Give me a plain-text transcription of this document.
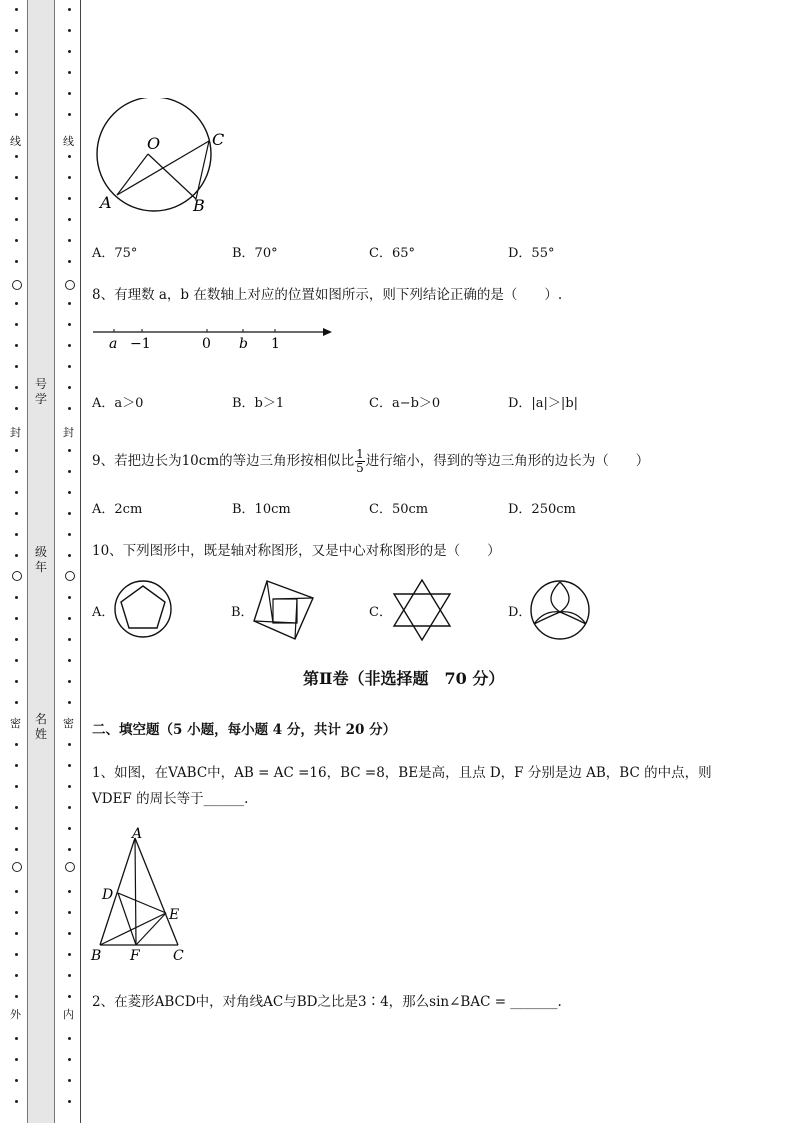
线
封
密
外
线
封
密
内
号学
级年
名姓
O	C
A	B
A．75°	B．70°	C．65°	D．55°
8、有理数 a，b 在数轴上对应的位置如图所示，则下列结论正确的是（　　）.
a −1	0 b 1
A．a＞0	B．b＞1	C．a−b＞0	D．|a|＞|b|
9、若把边长为10cm的等边三角形按相似比 $\frac{1}{5}$ 进行缩小，得到的等边三角形的边长为（　　）
A．2cm	B．10cm	C．50cm	D．250cm
10、下列图形中，既是轴对称图形，又是中心对称图形的是（　　）
A．	B．	C．	D．
第Ⅱ卷（非选择题　70 分）
二、填空题（5 小题，每小题 4 分，共计 20 分）
1、如图，在VABC中，AB = AC =16，BC =8，BE是高，且点 D，F 分别是边 AB，BC 的中点，则
VDEF 的周长等于______.
A
D
E
B F C
2、在菱形ABCD中，对角线AC与BD之比是3∶4，那么sin∠BAC = _______.
